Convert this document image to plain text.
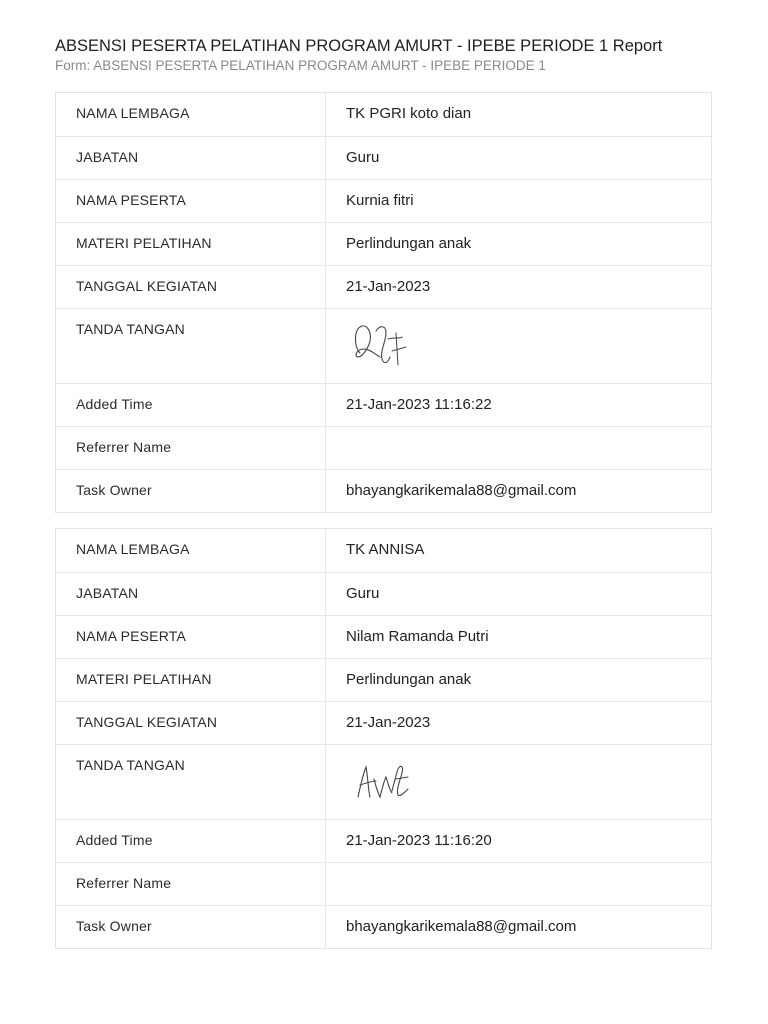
ABSENSI PESERTA PELATIHAN PROGRAM AMURT - IPEBE PERIODE 1 Report
Form: ABSENSI PESERTA PELATIHAN PROGRAM AMURT - IPEBE PERIODE 1
NAMA LEMBAGA	TK PGRI koto dian
JABATAN	Guru
NAMA PESERTA	Kurnia fitri
MATERI PELATIHAN	Perlindungan anak
TANGGAL KEGIATAN	21-Jan-2023
TANDA TANGAN
Added Time	21-Jan-2023 11:16:22
Referrer Name
Task Owner	bhayangkarikemala88@gmail.com
NAMA LEMBAGA	TK ANNISA
JABATAN	Guru
NAMA PESERTA	Nilam Ramanda Putri
MATERI PELATIHAN	Perlindungan anak
TANGGAL KEGIATAN	21-Jan-2023
TANDA TANGAN
Added Time	21-Jan-2023 11:16:20
Referrer Name
Task Owner	bhayangkarikemala88@gmail.com
